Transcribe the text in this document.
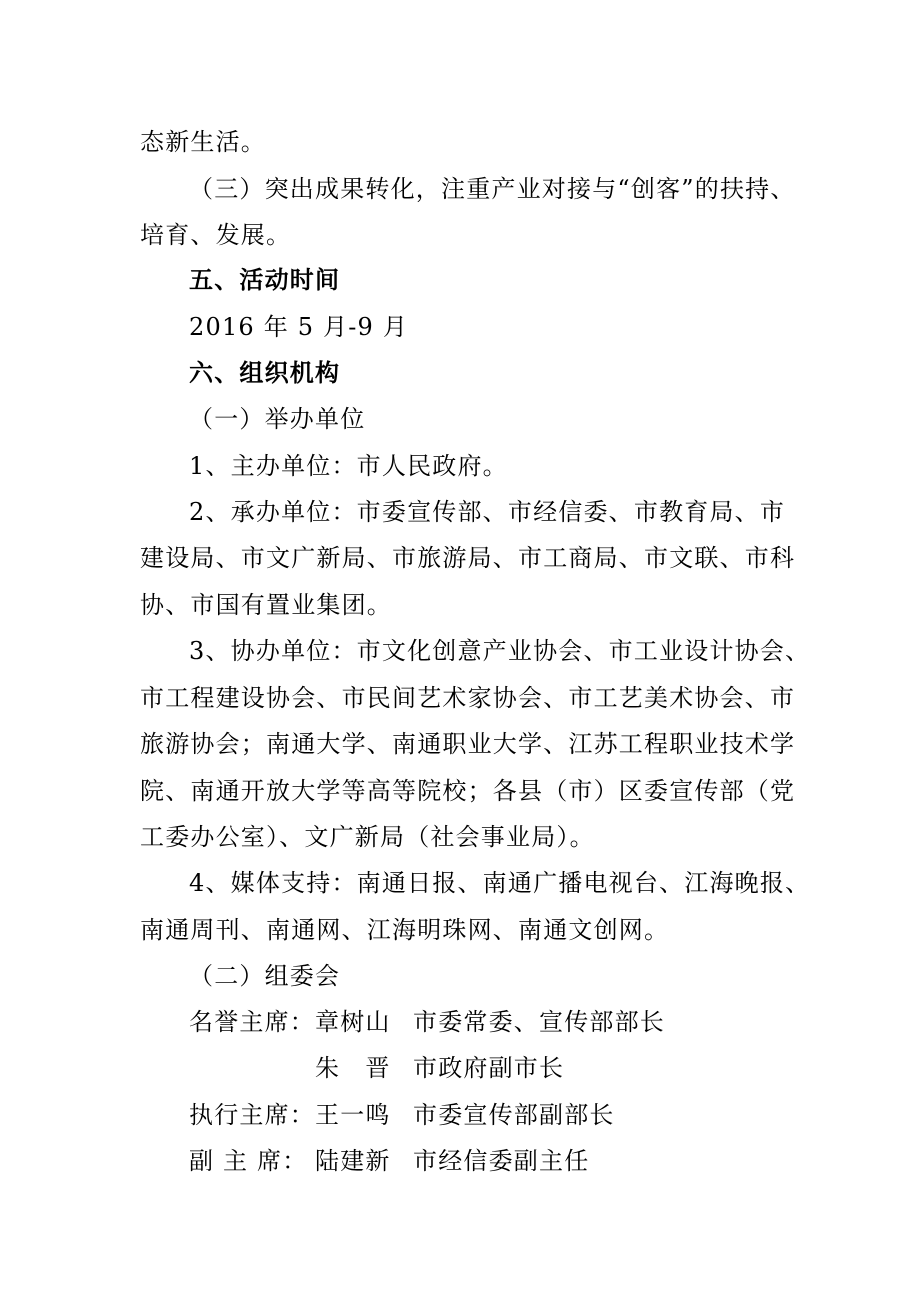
态新生活。
（三）突出成果转化，注重产业对接与“创客”的扶持、
培育、发展。
五、活动时间
2016 年 5 月-9 月
六、组织机构
（一）举办单位
1、主办单位：市人民政府。
2、承办单位：市委宣传部、市经信委、市教育局、市
建设局、市文广新局、市旅游局、市工商局、市文联、市科
协、市国有置业集团。
3、协办单位：市文化创意产业协会、市工业设计协会、
市工程建设协会、市民间艺术家协会、市工艺美术协会、市
旅游协会；南通大学、南通职业大学、江苏工程职业技术学
院、南通开放大学等高等院校；各县（市）区委宣传部（党
工委办公室）、文广新局（社会事业局）。
4、媒体支持：南通日报、南通广播电视台、江海晚报、
南通周刊、南通网、江海明珠网、南通文创网。
（二）组委会
名誉主席： 章树山 市委常委、宣传部部长
朱　晋 市政府副市长
执行主席： 王一鸣 市委宣传部副部长
副 主 席： 陆建新 市经信委副主任
